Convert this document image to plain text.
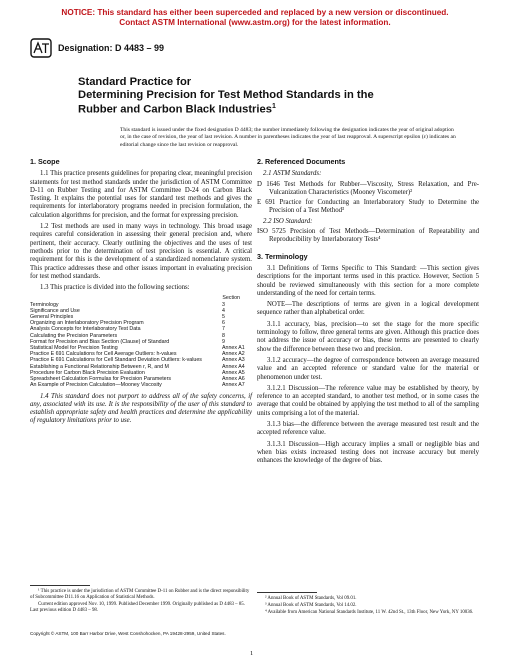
NOTICE: This standard has either been superceded and replaced by a new version or discontinued.
Contact ASTM International (www.astm.org) for the latest information.
Designation: D 4483 – 99
Standard Practice for
Determining Precision for Test Method Standards in the
Rubber and Carbon Black Industries$^1$
This standard is issued under the fixed designation D 4483; the number immediately following the designation indicates the year of original adoption or, in the case of revision, the year of last revision. A number in parentheses indicates the year of last reapproval. A superscript epsilon (ε) indicates an editorial change since the last revision or reapproval.
1. Scope

1.1 This practice presents guidelines for preparing clear, meaningful precision statements for test method standards under the jurisdiction of ASTM Committee D-11 on Rubber Testing and for ASTM Committee D-24 on Carbon Black Testing. It explains the potential uses for standard test methods and gives the requirements for interlaboratory programs needed in precision formulation, the calculation algorithms for precision, and the format for expressing precision.

1.2 Test methods are used in many ways in technology. This broad usage requires careful consideration in assessing their general precision and, where pertinent, their accuracy. Clearly outlining the objectives and the uses of test methods prior to the determination of test precision is essential. A critical requirement for this is the development of a standardized nomenclature system. This practice addresses these and other issues important in evaluating precision for test method standards.

1.3 This practice is divided into the following sections:

Section
Terminology	3
Significance and Use	4
General Principles	5
Organizing an Interlaboratory Precision Program	6
Analysis Concepts for Interlaboratory Test Data	7
Calculating the Precision Parameters	8
Format for Precision and Bias Section (Clause) of Standard	9
Statistical Model for Precision Testing	Annex A1
Practice E 691 Calculations for Cell Average Outliers: h-values	Annex A2
Practice E 691 Calculations for Cell Standard Deviation Outliers: k-values	Annex A3
Establishing a Functional Relationship Between r, R, and M	Annex A4
Procedure for Carbon Black Precision Evaluation	Annex A5
Spreadsheet Calculation Formulas for Precision Parameters	Annex A6
An Example of Precision Calculation—Mooney Viscosity	Annex A7

1.4 This standard does not purport to address all of the safety concerns, if any, associated with its use. It is the responsibility of the user of this standard to establish appropriate safety and health practices and determine the applicability of regulatory limitations prior to use.

2. Referenced Documents
2.1 ASTM Standards:
D 1646 Test Methods for Rubber—Viscosity, Stress Relaxation, and Pre-Vulcanization Characteristics (Mooney Viscometer)²
E 691 Practice for Conducting an Interlaboratory Study to Determine the Precision of a Test Method³
2.2 ISO Standard:
ISO 5725 Precision of Test Methods—Determination of Repeatability and Reproducibility by Interlaboratory Tests⁴
3. Terminology

3.1 Definitions of Terms Specific to This Standard: —This section gives descriptions for the important terms used in this practice. However, Section 5 should be reviewed simultaneously with this section for a more complete understanding of the need for certain terms.

NOTE—The descriptions of terms are given in a logical development sequence rather than alphabetical order.

3.1.1 accuracy, bias, precision—to set the stage for the more specific terminology to follow, three general terms are given. Although this practice does not address the issue of accuracy or bias, these terms are presented to clearly show the difference between these two and precision.

3.1.2 accuracy—the degree of correspondence between an average measured value and an accepted reference or standard value for the material or phenomenon under test.

3.1.2.1 Discussion—The reference value may be established by theory, by reference to an accepted standard, to another test method, or in some cases the average that could be obtained by applying the test method to all of the sampling units comprising a lot of the material.

3.1.3 bias—the difference between the average measured test result and the accepted reference value.

3.1.3.1 Discussion—High accuracy implies a small or negligible bias and when bias exists increased testing does not increase accuracy but merely enhances the knowledge of the degree of bias.

¹ This practice is under the jurisdiction of ASTM Committee D-11 on Rubber and is the direct responsibility of Subcommittee D11.16 on Application of Statistical Methods.

Current edition approved Nov. 10, 1999. Published December 1999. Originally published as D 4483 – 85. Last previous edition D 4483 – 98.

² Annual Book of ASTM Standards, Vol 09.01.

³ Annual Book of ASTM Standards, Vol 14.02.

⁴ Available from American National Standards Institute, 11 W. 42nd St., 13th Floor, New York, NY 10036.

Copyright © ASTM, 100 Barr Harbor Drive, West Conshohocken, PA 19428-2959, United States.
1
